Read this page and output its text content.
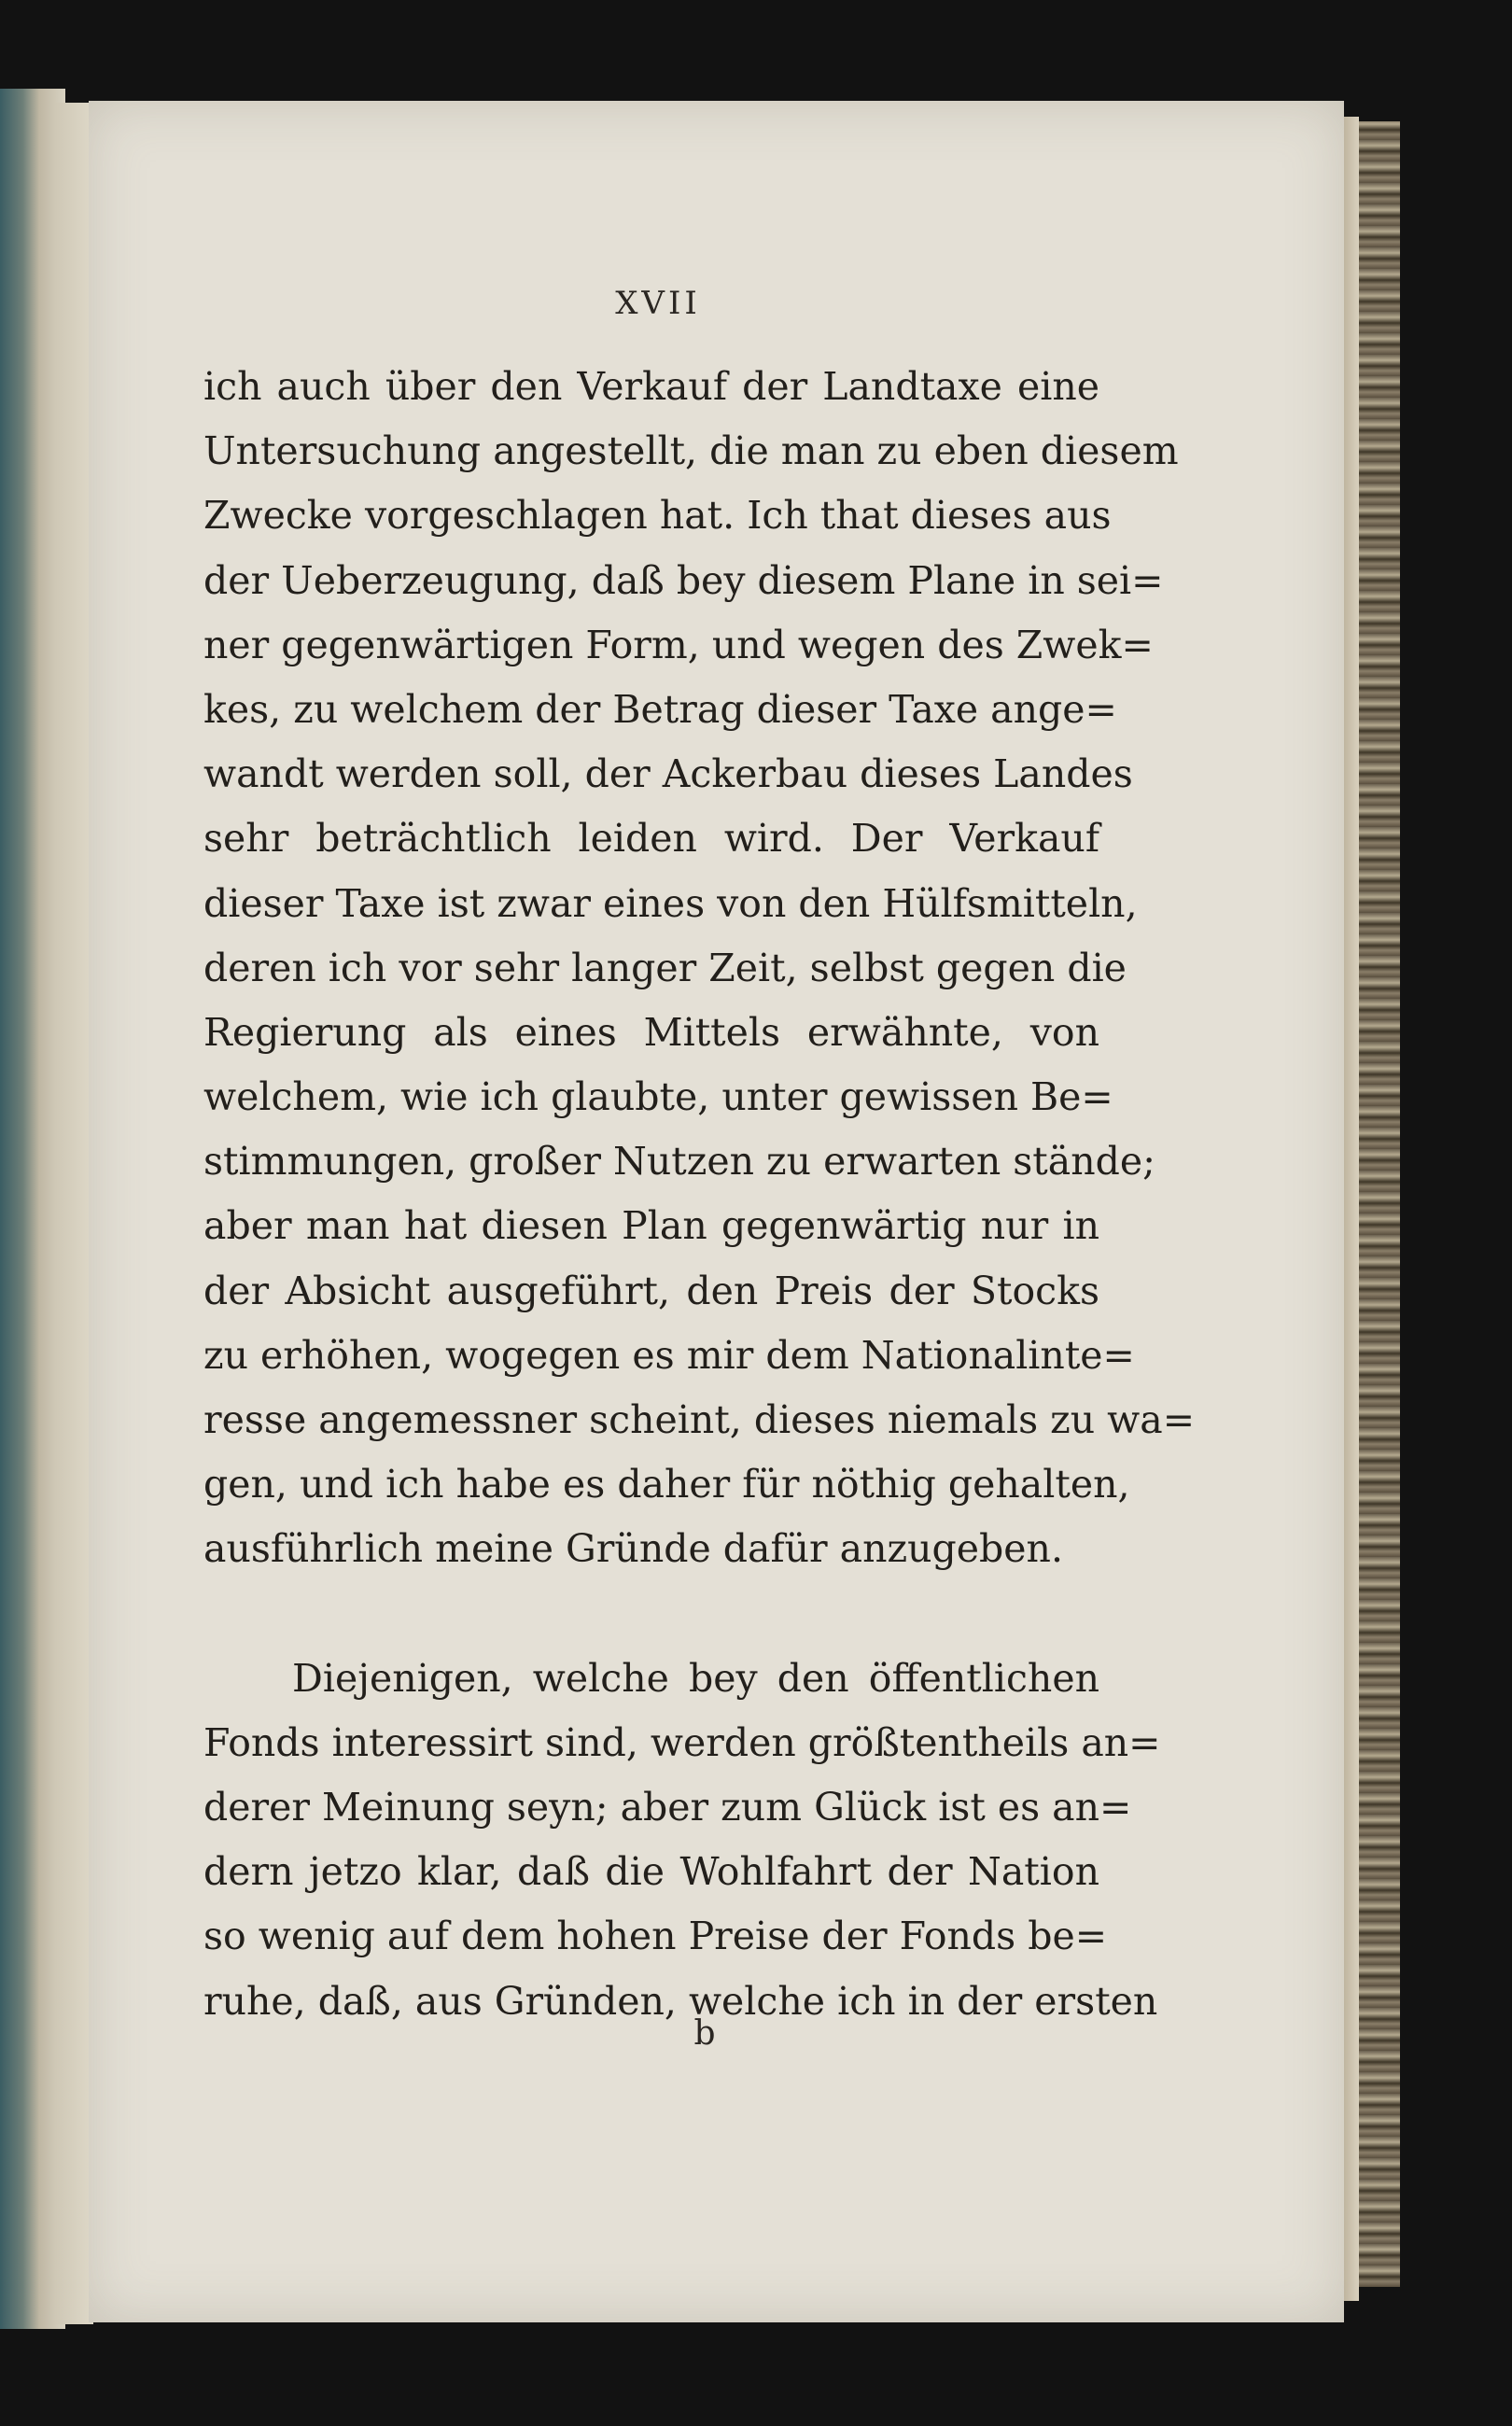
XVII
ich auch über den Verkauf der Landtaxe eine
Untersuchung angestellt, die man zu eben diesem
Zwecke vorgeschlagen hat. Ich that dieses aus
der Ueberzeugung, daß bey diesem Plane in sei=
ner gegenwärtigen Form, und wegen des Zwek=
kes, zu welchem der Betrag dieser Taxe ange=
wandt werden soll, der Ackerbau dieses Landes
sehr beträchtlich leiden wird. Der Verkauf
dieser Taxe ist zwar eines von den Hülfsmitteln,
deren ich vor sehr langer Zeit, selbst gegen die
Regierung als eines Mittels erwähnte, von
welchem, wie ich glaubte, unter gewissen Be=
stimmungen, großer Nutzen zu erwarten stände;
aber man hat diesen Plan gegenwärtig nur in
der Absicht ausgeführt, den Preis der Stocks
zu erhöhen, wogegen es mir dem Nationalinte=
resse angemessner scheint, dieses niemals zu wa=
gen, und ich habe es daher für nöthig gehalten,
ausführlich meine Gründe dafür anzugeben.
Diejenigen, welche bey den öffentlichen
Fonds interessirt sind, werden größtentheils an=
derer Meinung seyn; aber zum Glück ist es an=
dern jetzo klar, daß die Wohlfahrt der Nation
so wenig auf dem hohen Preise der Fonds be=
ruhe, daß, aus Gründen, welche ich in der ersten
b
